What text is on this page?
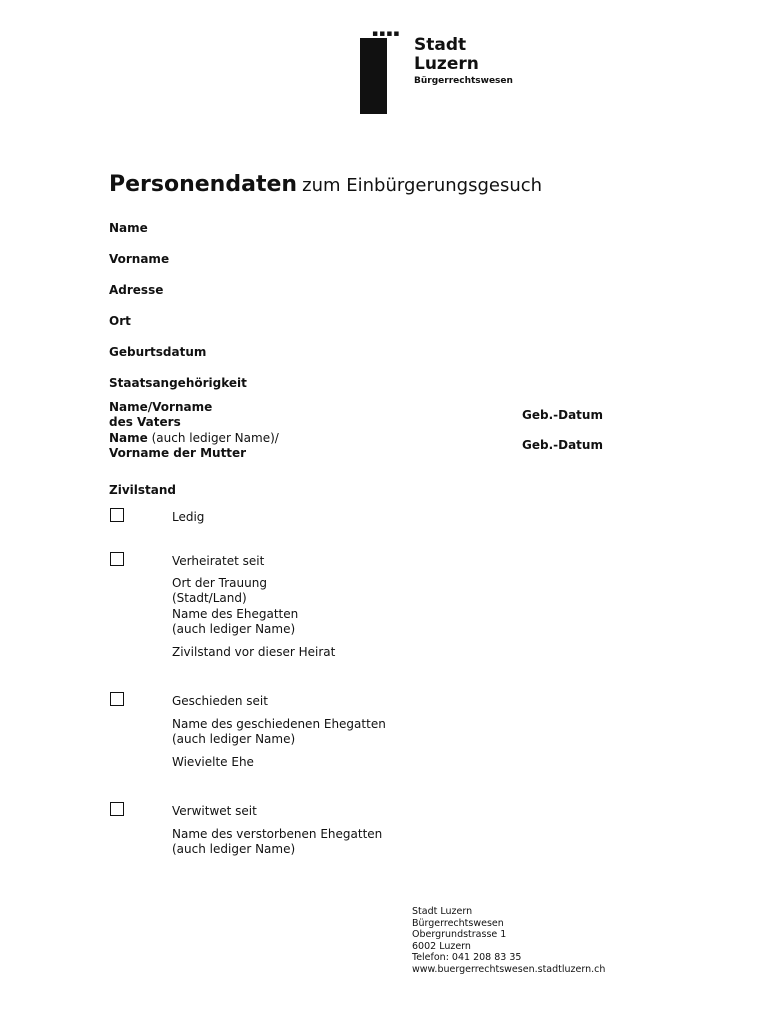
▪▪▪▪
Stadt
Luzern
Bürgerrechtswesen
Personendaten zum Einbürgerungsgesuch
Name
Vorname
Adresse
Ort
Geburtsdatum
Staatsangehörigkeit
Name/Vorname
des Vaters	Geb.-Datum
Name (auch lediger Name)/
Vorname der Mutter
Geb.-Datum
Zivilstand
Ledig
Verheiratet seit
Ort der Trauung
(Stadt/Land)
Name des Ehegatten
(auch lediger Name)
Zivilstand vor dieser Heirat
Geschieden seit
Name des geschiedenen Ehegatten
(auch lediger Name)
Wievielte Ehe
Verwitwet seit
Name des verstorbenen Ehegatten
(auch lediger Name)
Stadt Luzern
Bürgerrechtswesen
Obergrundstrasse 1
6002 Luzern
Telefon: 041 208 83 35
www.buergerrechtswesen.stadtluzern.ch
